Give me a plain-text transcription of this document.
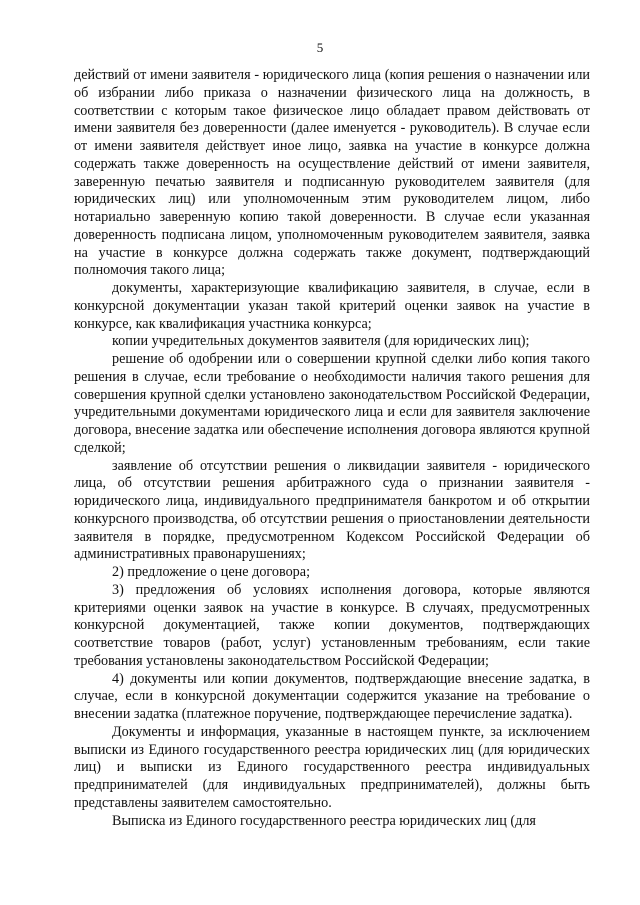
5

действий от имени заявителя - юридического лица (копия решения о назначении или об избрании либо приказа о назначении физического лица на должность, в соответствии с которым такое физическое лицо обладает правом действовать от имени заявителя без доверенности (далее именуется - руководитель). В случае если от имени заявителя действует иное лицо, заявка на участие в конкурсе должна содержать также доверенность на осуществление действий от имени заявителя, заверенную печатью заявителя и подписанную руководителем заявителя (для юридических лиц) или уполномоченным этим руководителем лицом, либо нотариально заверенную копию такой доверенности. В случае если указанная доверенность подписана лицом, уполномоченным руководителем заявителя, заявка на участие в конкурсе должна содержать также документ, подтверждающий полномочия такого лица;

документы, характеризующие квалификацию заявителя, в случае, если в конкурсной документации указан такой критерий оценки заявок на участие в конкурсе, как квалификация участника конкурса;

копии учредительных документов заявителя (для юридических лиц);

решение об одобрении или о совершении крупной сделки либо копия такого решения в случае, если требование о необходимости наличия такого решения для совершения крупной сделки установлено законодательством Российской Федерации, учредительными документами юридического лица и если для заявителя заключение договора, внесение задатка или обеспечение исполнения договора являются крупной сделкой;

заявление об отсутствии решения о ликвидации заявителя - юридического лица, об отсутствии решения арбитражного суда о признании заявителя - юридического лица, индивидуального предпринимателя банкротом и об открытии конкурсного производства, об отсутствии решения о приостановлении деятельности заявителя в порядке, предусмотренном Кодексом Российской Федерации об административных правонарушениях;

2) предложение о цене договора;

3) предложения об условиях исполнения договора, которые являются критериями оценки заявок на участие в конкурсе. В случаях, предусмотренных конкурсной документацией, также копии документов, подтверждающих соответствие товаров (работ, услуг) установленным требованиям, если такие требования установлены законодательством Российской Федерации;

4) документы или копии документов, подтверждающие внесение задатка, в случае, если в конкурсной документации содержится указание на требование о внесении задатка (платежное поручение, подтверждающее перечисление задатка).

Документы и информация, указанные в настоящем пункте, за исключением выписки из Единого государственного реестра юридических лиц (для юридических лиц) и выписки из Единого государственного реестра индивидуальных предпринимателей (для индивидуальных предпринимателей), должны быть представлены заявителем самостоятельно.

Выписка из Единого государственного реестра юридических лиц (для
